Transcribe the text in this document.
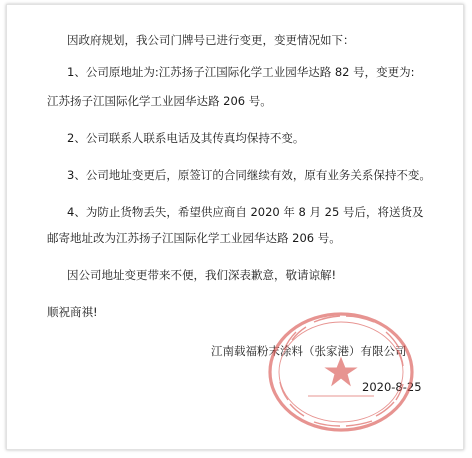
因政府规划，我公司门牌号已进行变更，变更情况如下：

1、公司原地址为:江苏扬子江国际化学工业园华达路 82 号，变更为:

江苏扬子江国际化学工业园华达路 206 号。

2、公司联系人联系电话及其传真均保持不变。

3、公司地址变更后，原签订的合同继续有效，原有业务关系保持不变。

4、为防止货物丢失，希望供应商自 2020 年 8 月 25 号后，将送货及

邮寄地址改为江苏扬子江国际化学工业园华达路 206 号。

因公司地址变更带来不便，我们深表歉意，敬请谅解!

顺祝商祺!

江南载福粉末涂料（张家港）有限公司

2020-8-25
